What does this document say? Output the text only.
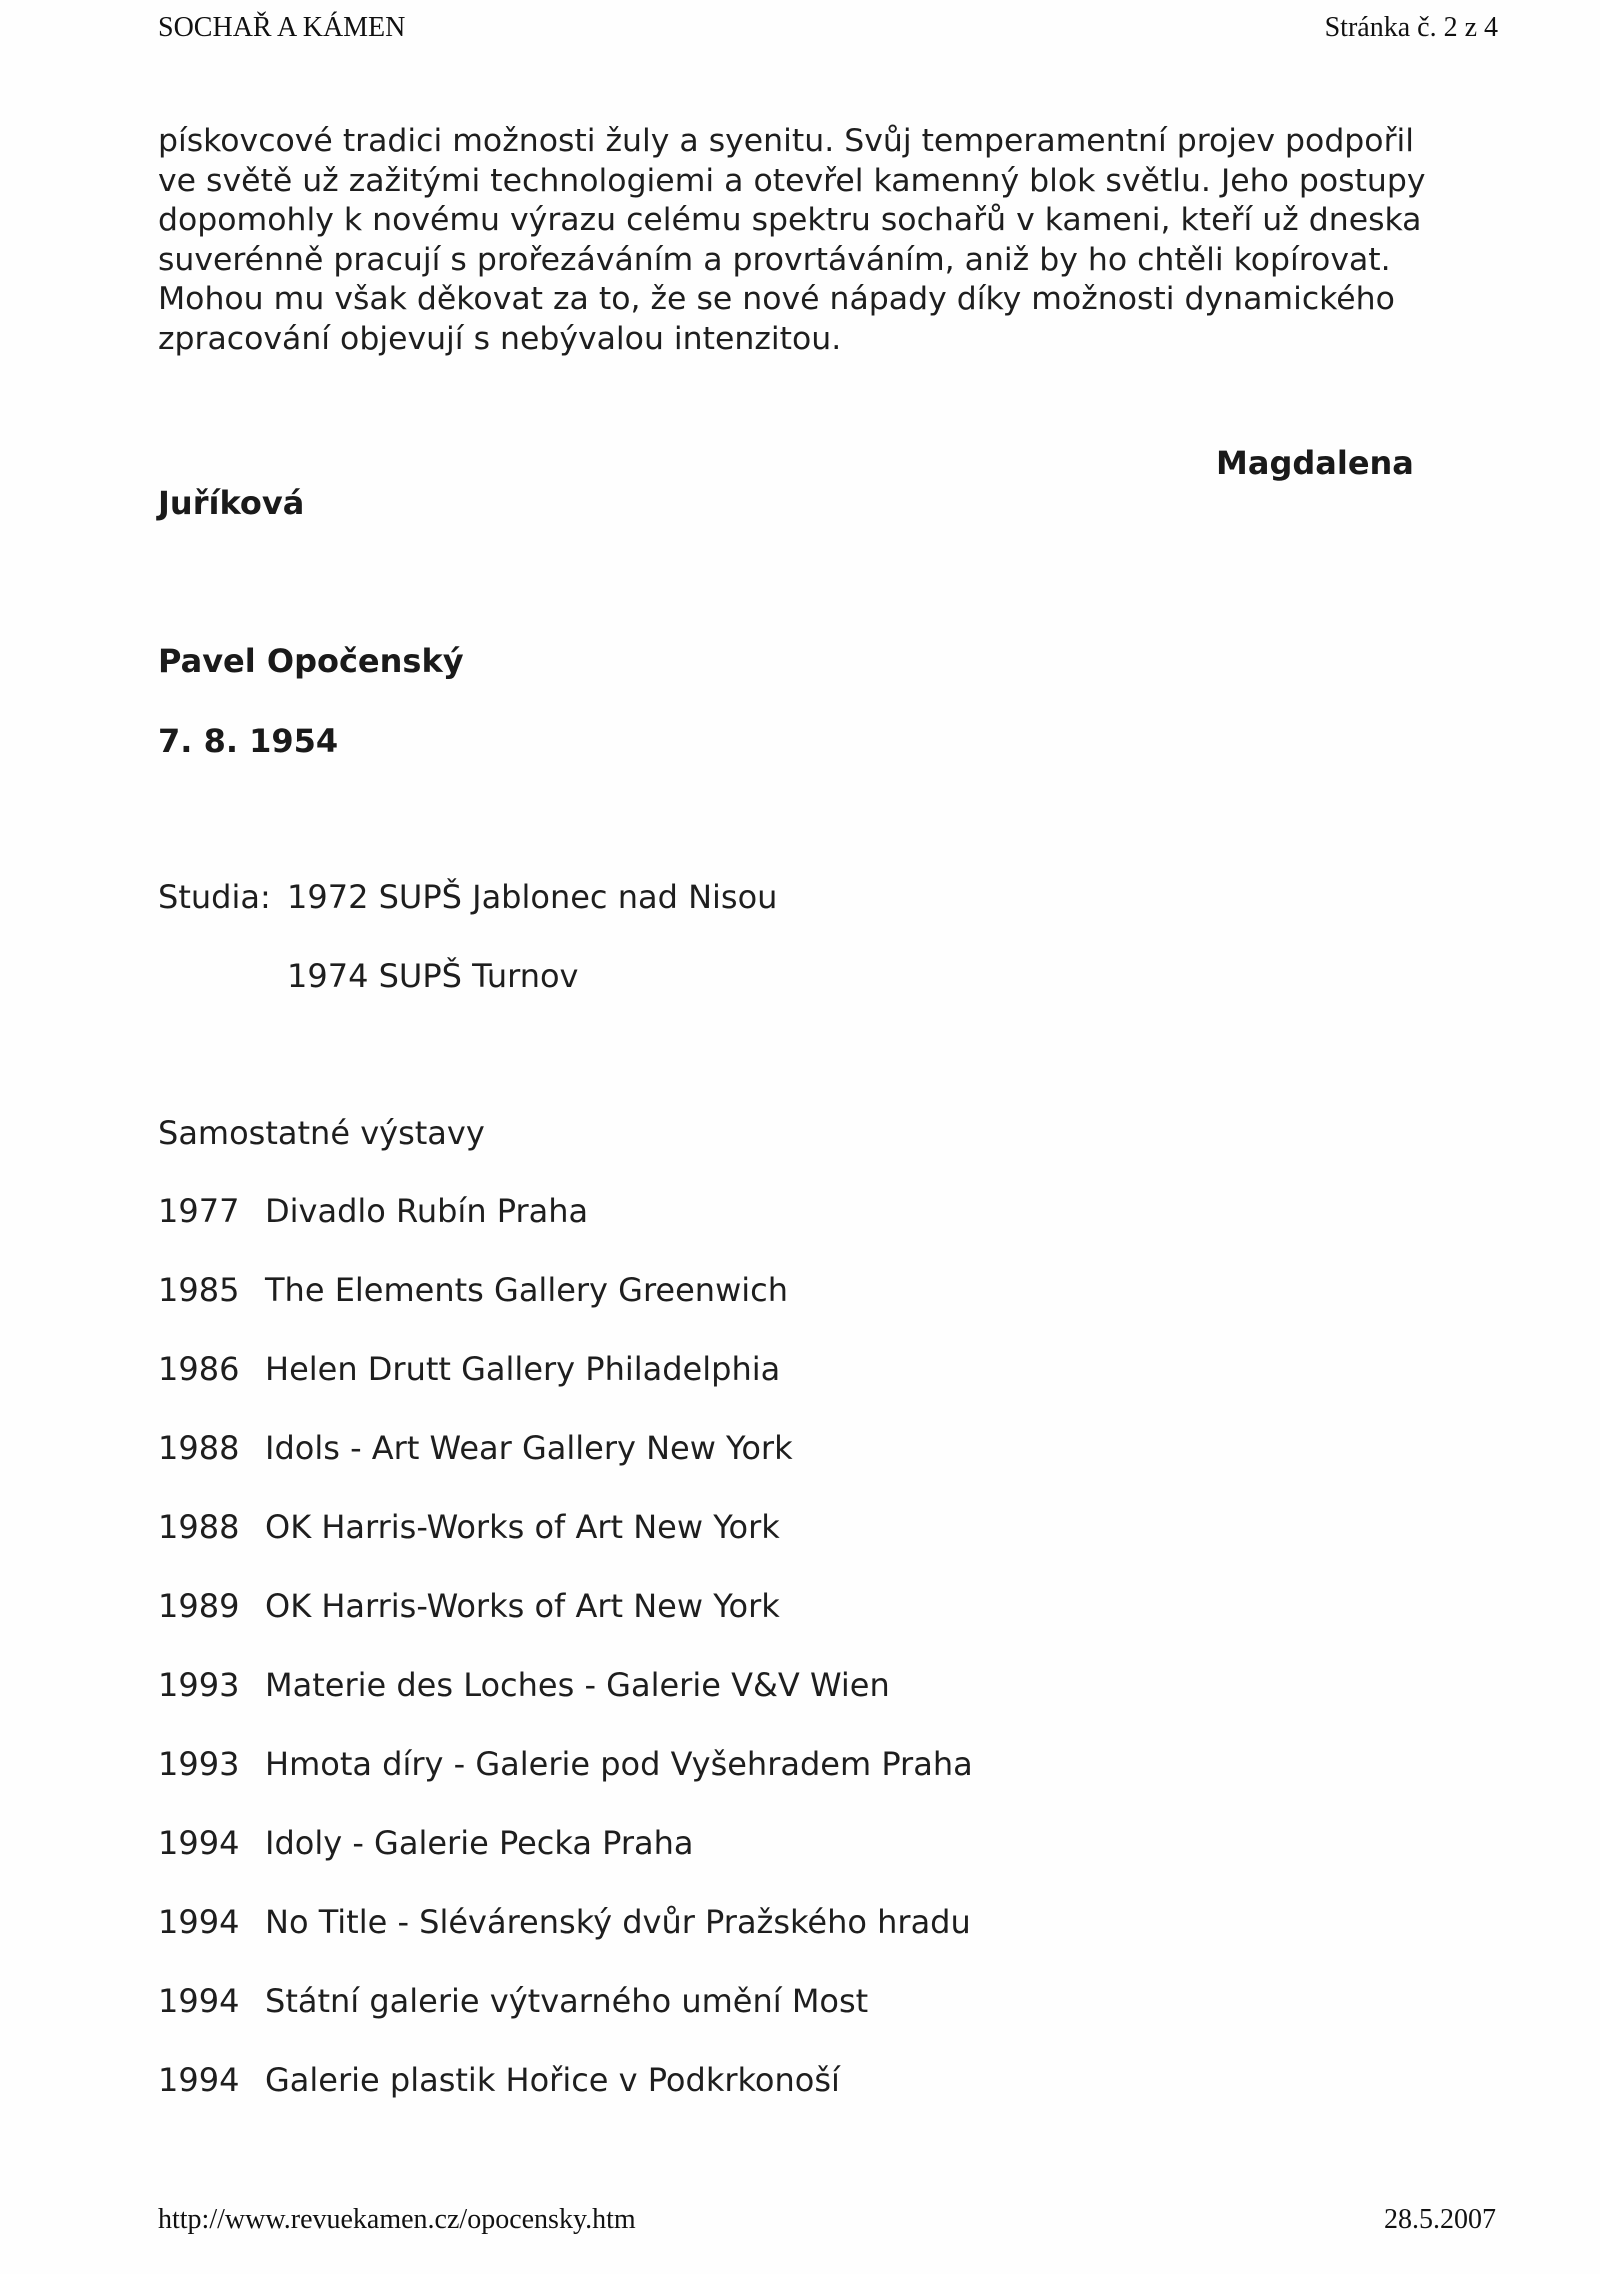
SOCHAŘ A KÁMEN	Stránka č. 2 z 4
pískovcové tradici možnosti žuly a syenitu. Svůj temperamentní projev podpořil
ve světě už zažitými technologiemi a otevřel kamenný blok světlu. Jeho postupy
dopomohly k novému výrazu celému spektru sochařů v kameni, kteří už dneska
suverénně pracují s prořezáváním a provrtáváním, aniž by ho chtěli kopírovat.
Mohou mu však děkovat za to, že se nové nápady díky možnosti dynamického
zpracování objevují s nebývalou intenzitou.
Magdalena
Juříková
Pavel Opočenský
7. 8. 1954
Studia: 1972 SUPŠ Jablonec nad Nisou
1974 SUPŠ Turnov
Samostatné výstavy
1977 Divadlo Rubín Praha
1985 The Elements Gallery Greenwich
1986 Helen Drutt Gallery Philadelphia
1988 Idols - Art Wear Gallery New York
1988 OK Harris-Works of Art New York
1989 OK Harris-Works of Art New York
1993 Materie des Loches - Galerie V&V Wien
1993 Hmota díry - Galerie pod Vyšehradem Praha
1994 Idoly - Galerie Pecka Praha
1994 No Title - Slévárenský dvůr Pražského hradu
1994 Státní galerie výtvarného umění Most
1994 Galerie plastik Hořice v Podkrkonoší
http://www.revuekamen.cz/opocensky.htm	28.5.2007
